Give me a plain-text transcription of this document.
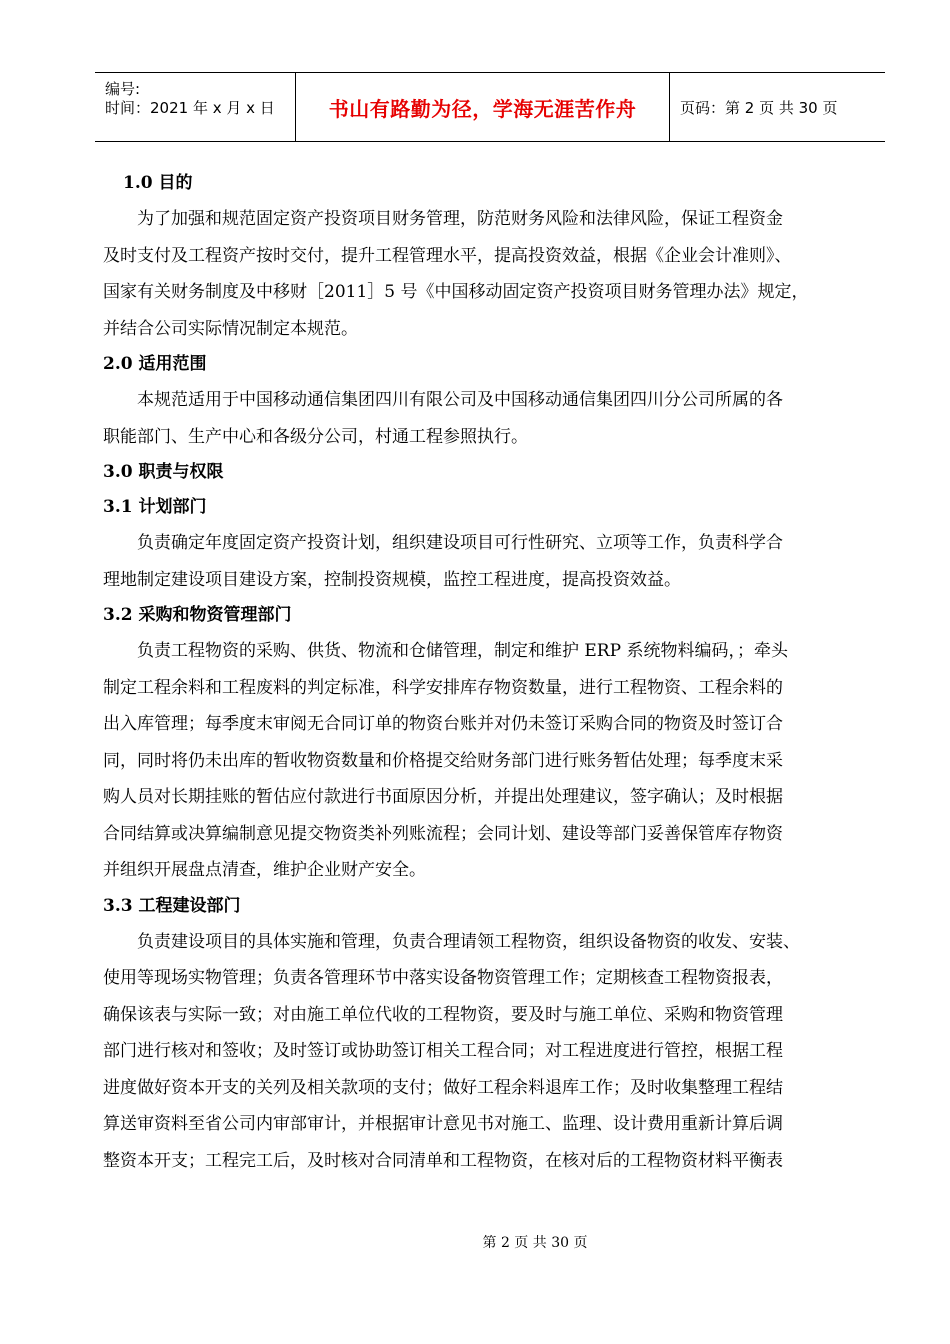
编号:
时间：2021 年 x 月 x 日	书山有路勤为径，学海无涯苦作舟	页码：第 2 页 共 30 页
1.0 目的
为了加强和规范固定资产投资项目财务管理，防范财务风险和法律风险，保证工程资金
及时支付及工程资产按时交付，提升工程管理水平，提高投资效益，根据《企业会计准则》、
国家有关财务制度及中移财［2011］5 号《中国移动固定资产投资项目财务管理办法》规定，
并结合公司实际情况制定本规范。
2.0 适用范围
本规范适用于中国移动通信集团四川有限公司及中国移动通信集团四川分公司所属的各
职能部门、生产中心和各级分公司，村通工程参照执行。
3.0 职责与权限
3.1 计划部门
负责确定年度固定资产投资计划，组织建设项目可行性研究、立项等工作，负责科学合
理地制定建设项目建设方案，控制投资规模，监控工程进度，提高投资效益。
3.2 采购和物资管理部门
负责工程物资的采购、供货、物流和仓储管理，制定和维护 ERP 系统物料编码，；牵头
制定工程余料和工程废料的判定标准，科学安排库存物资数量，进行工程物资、工程余料的
出入库管理；每季度末审阅无合同订单的物资台账并对仍未签订采购合同的物资及时签订合
同，同时将仍未出库的暂收物资数量和价格提交给财务部门进行账务暂估处理；每季度末采
购人员对长期挂账的暂估应付款进行书面原因分析，并提出处理建议，签字确认；及时根据
合同结算或决算编制意见提交物资类补列账流程；会同计划、建设等部门妥善保管库存物资
并组织开展盘点清查，维护企业财产安全。
3.3 工程建设部门
负责建设项目的具体实施和管理，负责合理请领工程物资，组织设备物资的收发、安装、
使用等现场实物管理；负责各管理环节中落实设备物资管理工作；定期核查工程物资报表，
确保该表与实际一致；对由施工单位代收的工程物资，要及时与施工单位、采购和物资管理
部门进行核对和签收；及时签订或协助签订相关工程合同；对工程进度进行管控，根据工程
进度做好资本开支的关列及相关款项的支付；做好工程余料退库工作；及时收集整理工程结
算送审资料至省公司内审部审计，并根据审计意见书对施工、监理、设计费用重新计算后调
整资本开支；工程完工后，及时核对合同清单和工程物资，在核对后的工程物资材料平衡表
第 2 页 共 30 页
